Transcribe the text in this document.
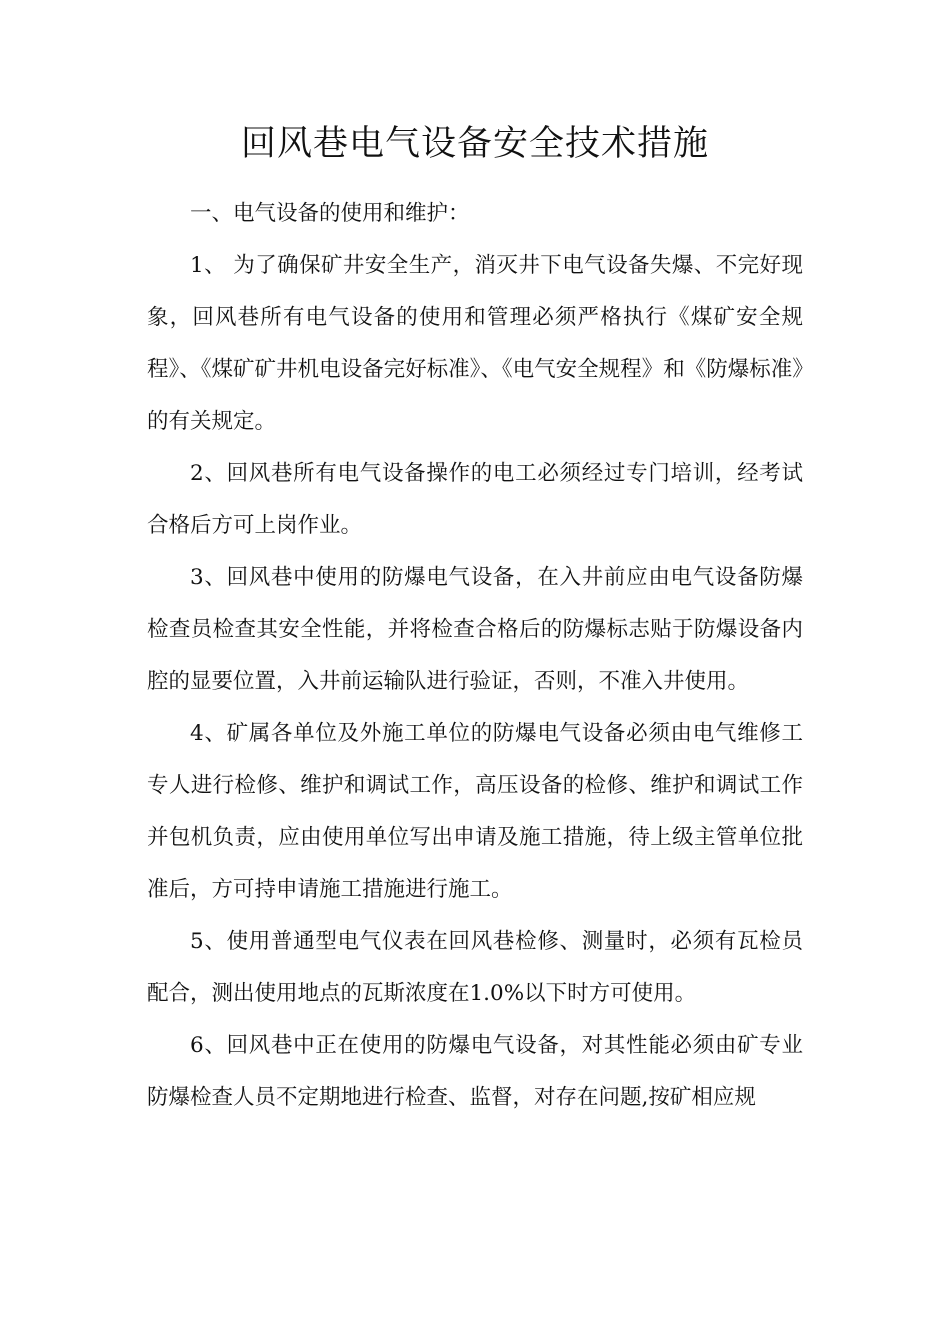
回风巷电气设备安全技术措施

一、电气设备的使用和维护：

1、 为了确保矿井安全生产，消灭井下电气设备失爆、不完好现象，回风巷所有电气设备的使用和管理必须严格执行《煤矿安全规程》、《煤矿矿井机电设备完好标准》、《电气安全规程》和《防爆标准》的有关规定。

2、回风巷所有电气设备操作的电工必须经过专门培训，经考试合格后方可上岗作业。

3、回风巷中使用的防爆电气设备，在入井前应由电气设备防爆检查员检查其安全性能，并将检查合格后的防爆标志贴于防爆设备内腔的显要位置，入井前运输队进行验证，否则，不准入井使用。

4、矿属各单位及外施工单位的防爆电气设备必须由电气维修工专人进行检修、维护和调试工作，高压设备的检修、维护和调试工作并包机负责，应由使用单位写出申请及施工措施，待上级主管单位批准后，方可持申请施工措施进行施工。

5、使用普通型电气仪表在回风巷检修、测量时，必须有瓦检员配合，测出使用地点的瓦斯浓度在1.0%以下时方可使用。

6、回风巷中正在使用的防爆电气设备，对其性能必须由矿专业防爆检查人员不定期地进行检查、监督，对存在问题,按矿相应规
